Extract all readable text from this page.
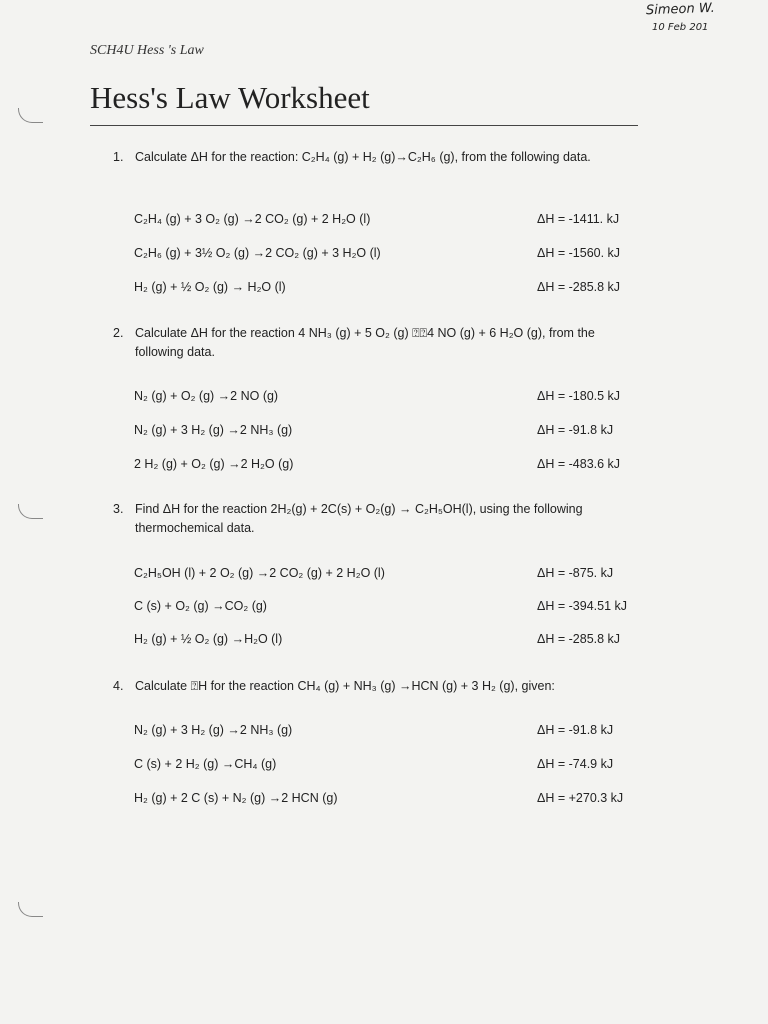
Simeon W.
10 Feb 201
SCH4U Hess 's Law
Hess's Law Worksheet
1. Calculate ΔH for the reaction: C₂H₄ (g) + H₂ (g)→C₂H₆ (g), from the following data.
C₂H₄ (g) + 3 O₂ (g) →2 CO₂ (g) + 2 H₂O (l)	ΔH = -1411. kJ
C₂H₆ (g) + 3½ O₂ (g) →2 CO₂ (g) + 3 H₂O (l)	ΔH = -1560. kJ
H₂ (g) + ½ O₂ (g) → H₂O (l)	ΔH = -285.8 kJ
2. Calculate ΔH for the reaction 4 NH₃ (g) + 5 O₂ (g) ⍰⍰4 NO (g) + 6 H₂O (g), from the following data.
N₂ (g) + O₂ (g) →2 NO (g)	ΔH = -180.5 kJ
N₂ (g) + 3 H₂ (g) →2 NH₃ (g)	ΔH = -91.8 kJ
2 H₂ (g) + O₂ (g) →2 H₂O (g)	ΔH = -483.6 kJ
3. Find ΔH for the reaction 2H₂(g) + 2C(s) + O₂(g) → C₂H₅OH(l), using the following thermochemical data.
C₂H₅OH (l) + 2 O₂ (g) →2 CO₂ (g) + 2 H₂O (l)	ΔH = -875. kJ
C (s) + O₂ (g) →CO₂ (g)	ΔH = -394.51 kJ
H₂ (g) + ½ O₂ (g) →H₂O (l)	ΔH = -285.8 kJ
4. Calculate ⍰H for the reaction CH₄ (g) + NH₃ (g) →HCN (g) + 3 H₂ (g), given:
N₂ (g) + 3 H₂ (g) →2 NH₃ (g)	ΔH = -91.8 kJ
C (s) + 2 H₂ (g) →CH₄ (g)	ΔH = -74.9 kJ
H₂ (g) + 2 C (s) + N₂ (g) →2 HCN (g)	ΔH = +270.3 kJ
